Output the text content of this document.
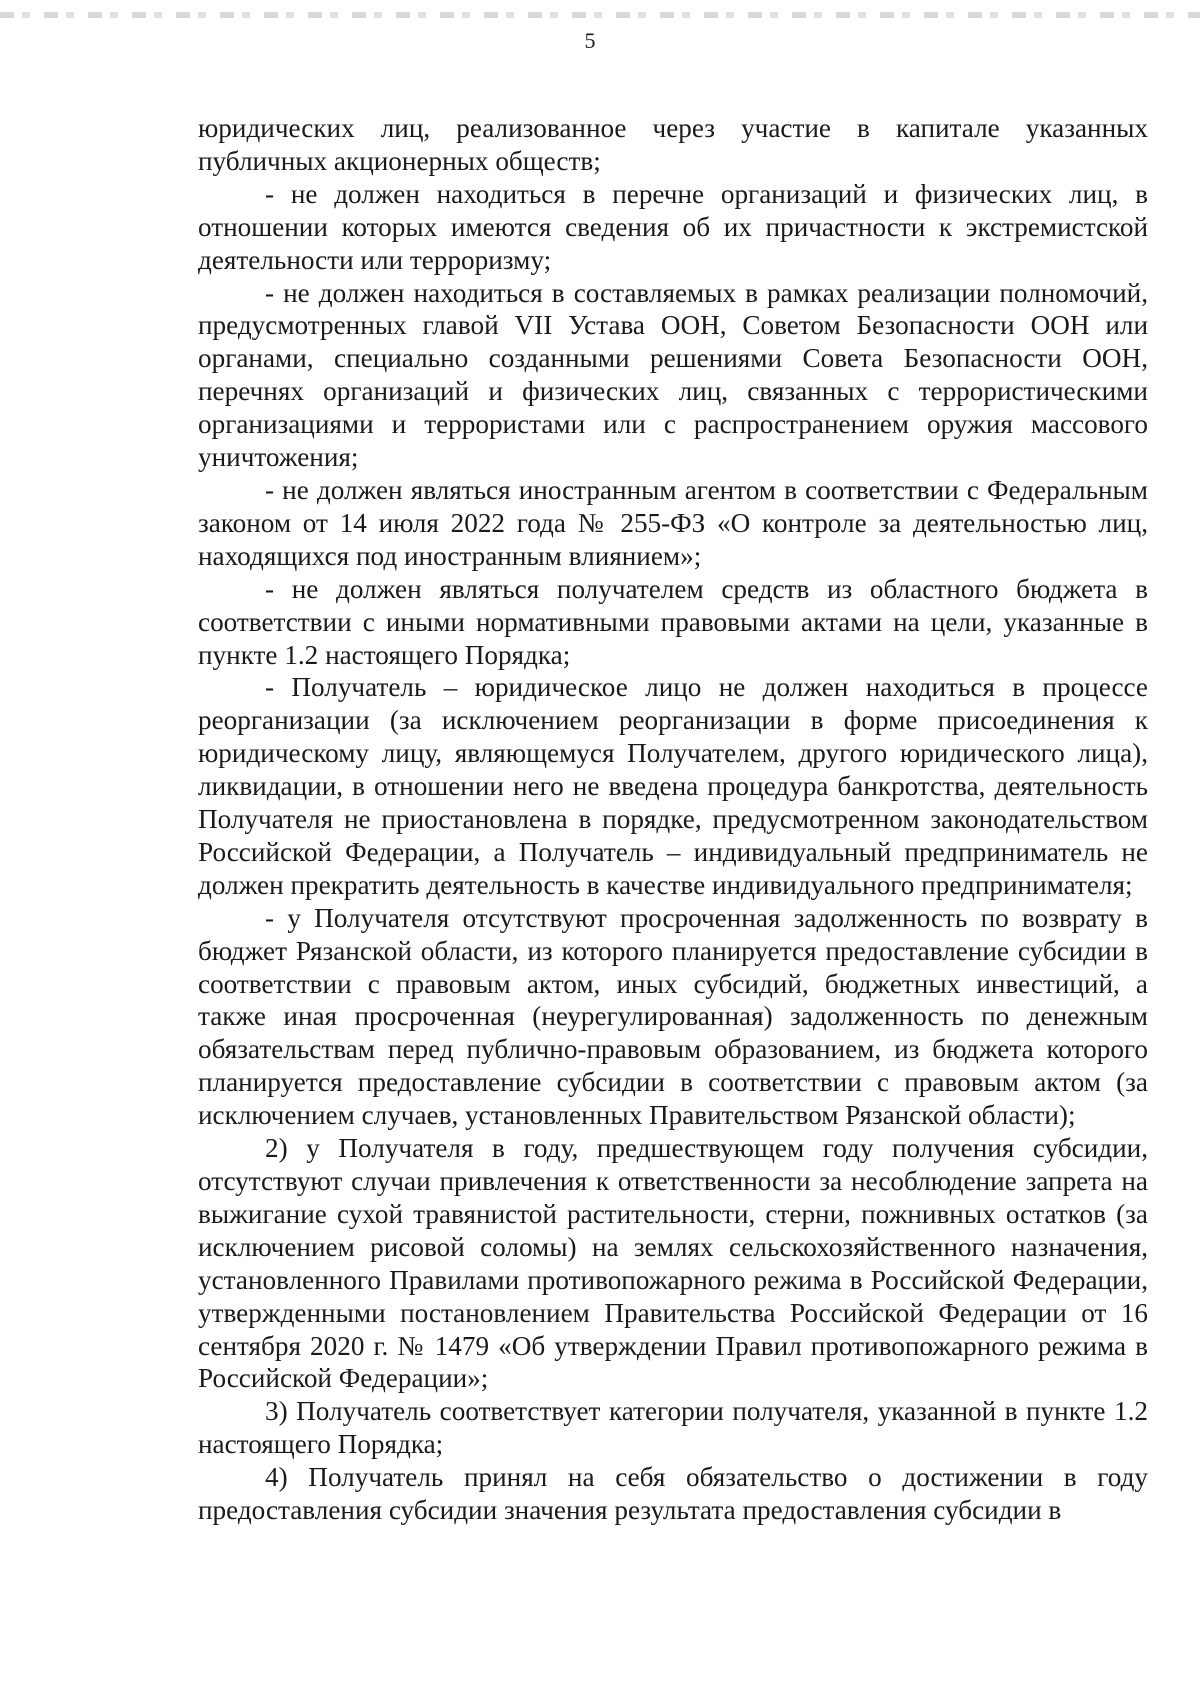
5

юридических лиц, реализованное через участие в капитале указанных публичных акционерных обществ;

- не должен находиться в перечне организаций и физических лиц, в отношении которых имеются сведения об их причастности к экстремистской деятельности или терроризму;

- не должен находиться в составляемых в рамках реализации полномочий, предусмотренных главой VII Устава ООН, Советом Безопасности ООН или органами, специально созданными решениями Совета Безопасности ООН, перечнях организаций и физических лиц, связанных с террористическими организациями и террористами или с распространением оружия массового уничтожения;

- не должен являться иностранным агентом в соответствии с Федеральным законом от 14 июля 2022 года № 255-ФЗ «О контроле за деятельностью лиц, находящихся под иностранным влиянием»;

- не должен являться получателем средств из областного бюджета в соответствии с иными нормативными правовыми актами на цели, указанные в пункте 1.2 настоящего Порядка;

- Получатель – юридическое лицо не должен находиться в процессе реорганизации (за исключением реорганизации в форме присоединения к юридическому лицу, являющемуся Получателем, другого юридического лица), ликвидации, в отношении него не введена процедура банкротства, деятельность Получателя не приостановлена в порядке, предусмотренном законодательством Российской Федерации, а Получатель – индивидуальный предприниматель не должен прекратить деятельность в качестве индивидуального предпринимателя;

- у Получателя отсутствуют просроченная задолженность по возврату в бюджет Рязанской области, из которого планируется предоставление субсидии в соответствии с правовым актом, иных субсидий, бюджетных инвестиций, а также иная просроченная (неурегулированная) задолженность по денежным обязательствам перед публично-правовым образованием, из бюджета которого планируется предоставление субсидии в соответствии с правовым актом (за исключением случаев, установленных Правительством Рязанской области);

2) у Получателя в году, предшествующем году получения субсидии, отсутствуют случаи привлечения к ответственности за несоблюдение запрета на выжигание сухой травянистой растительности, стерни, пожнивных остатков (за исключением рисовой соломы) на землях сельскохозяйственного назначения, установленного Правилами противопожарного режима в Российской Федерации, утвержденными постановлением Правительства Российской Федерации от 16 сентября 2020 г. № 1479 «Об утверждении Правил противопожарного режима в Российской Федерации»;

3) Получатель соответствует категории получателя, указанной в пункте 1.2 настоящего Порядка;

4) Получатель принял на себя обязательство о достижении в году предоставления субсидии значения результата предоставления субсидии в
